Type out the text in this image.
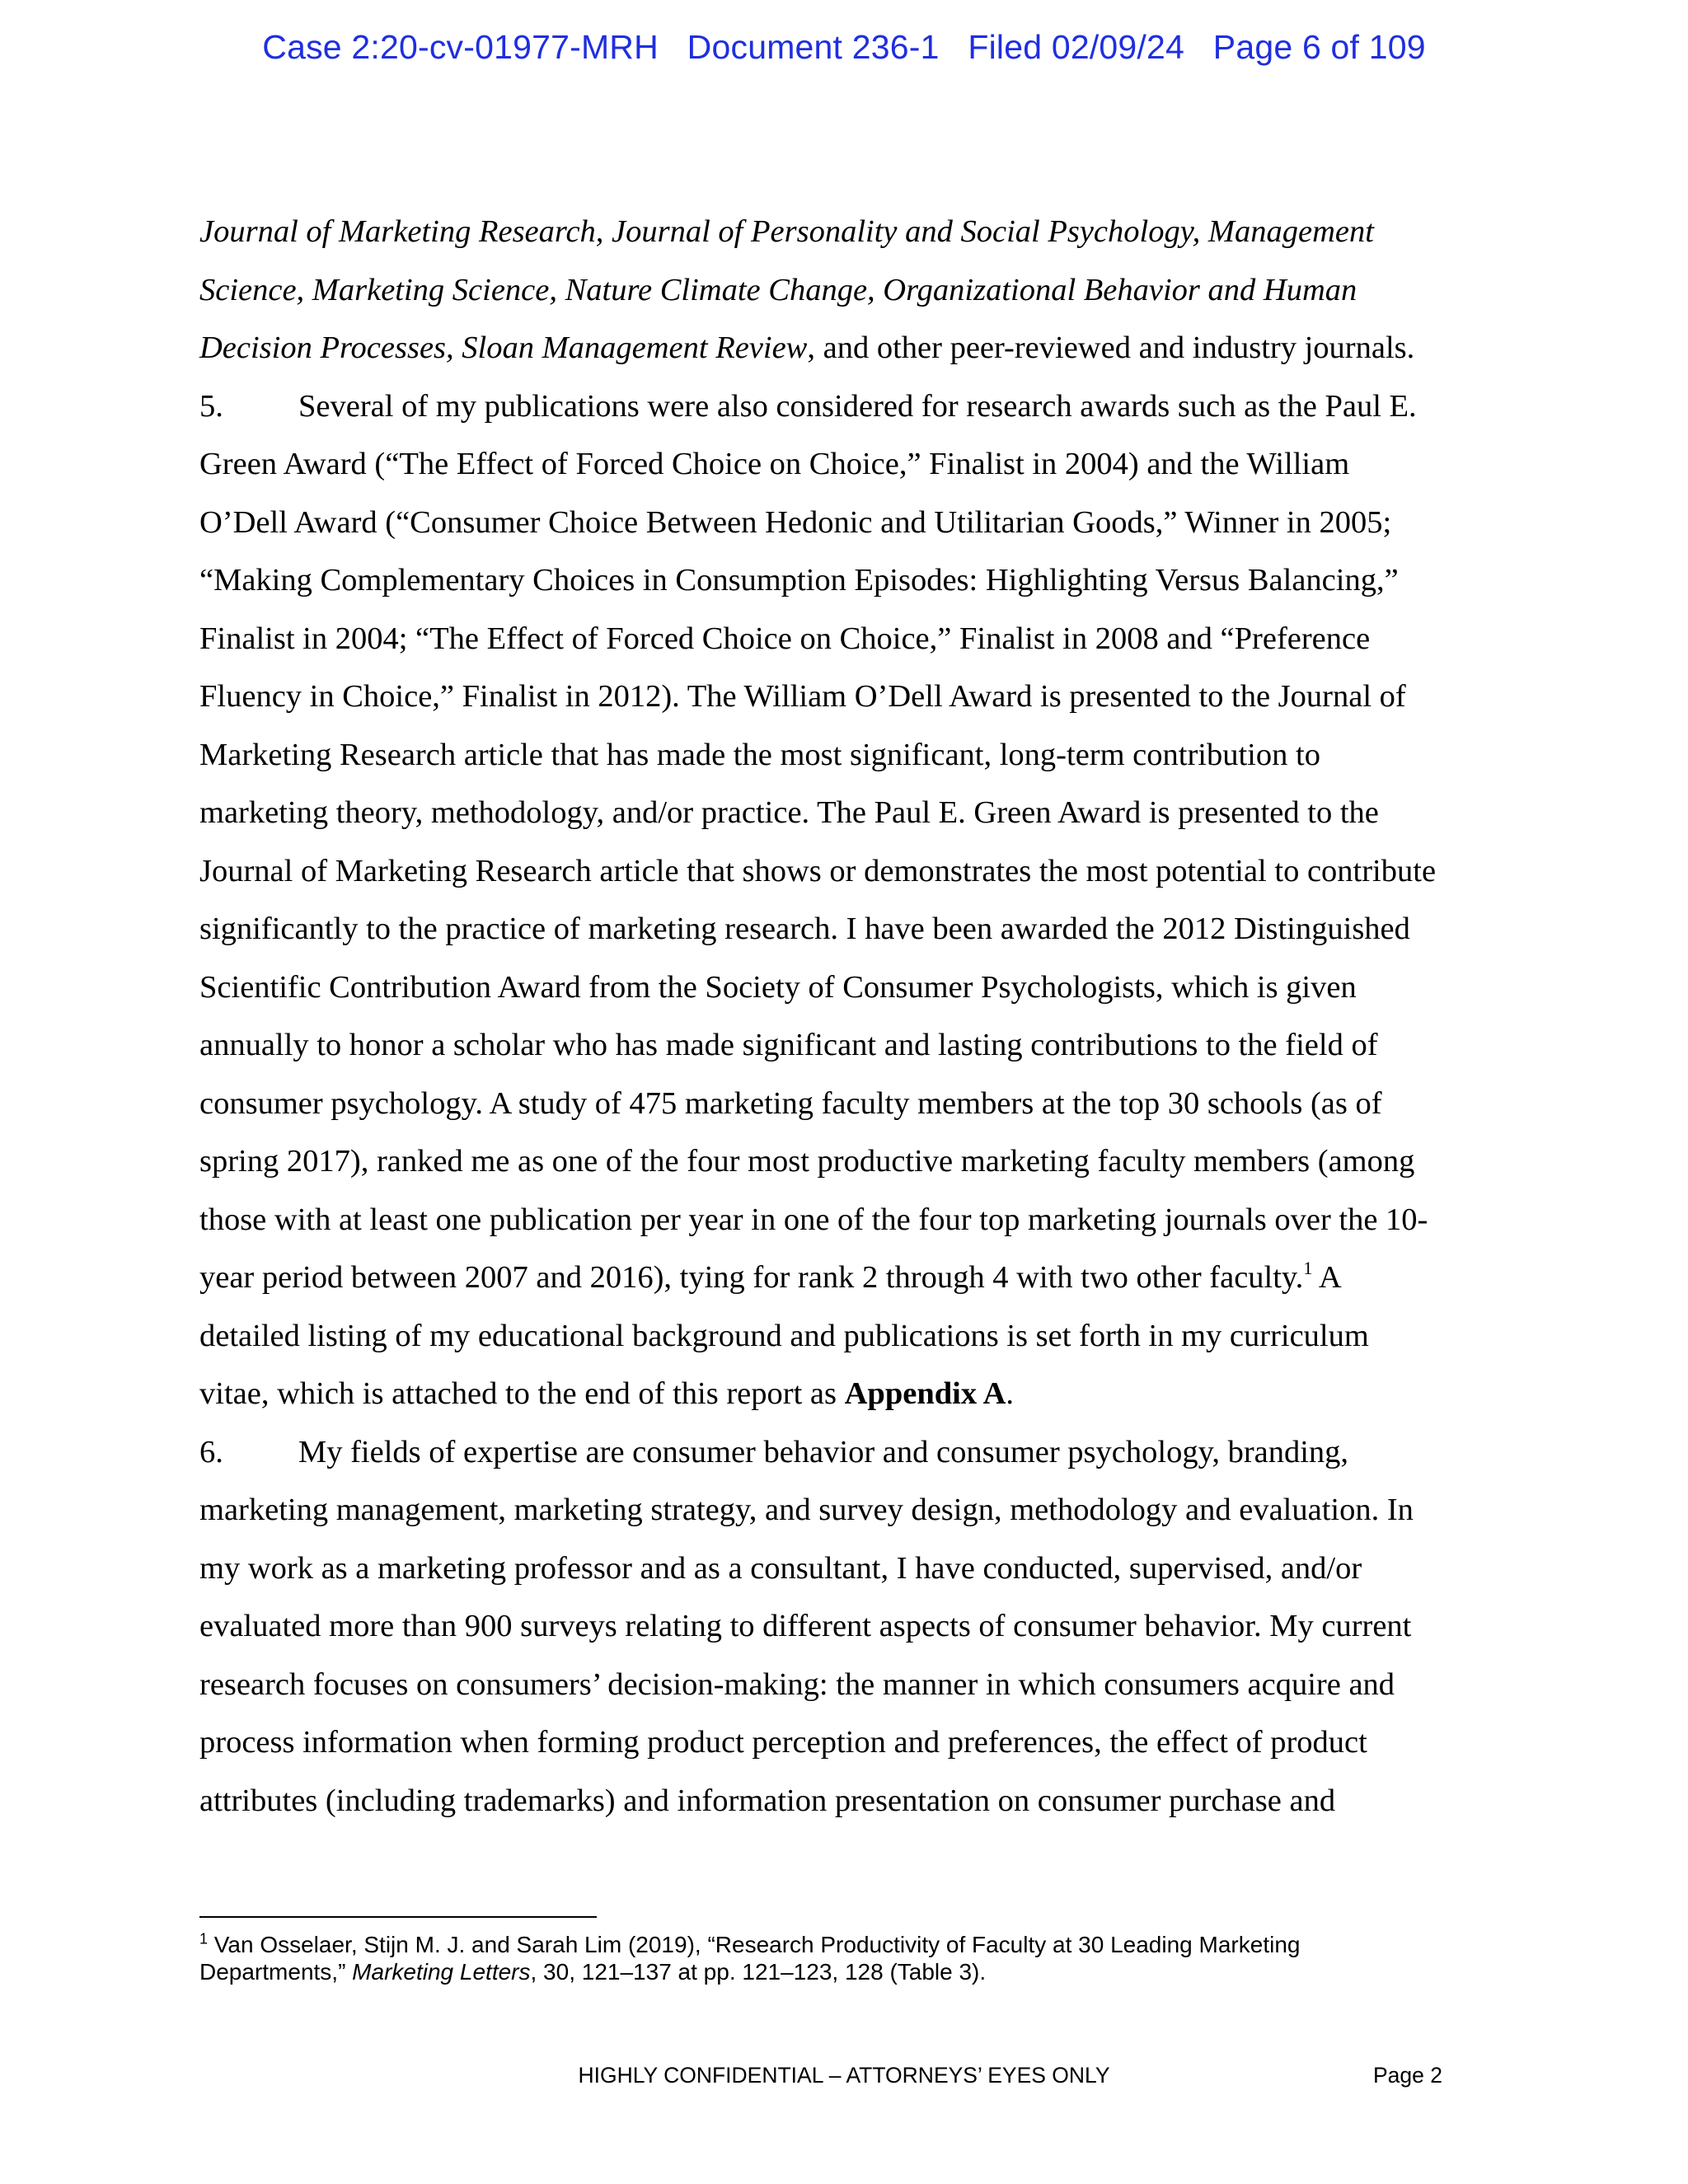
Case 2:20-cv-01977-MRH   Document 236-1   Filed 02/09/24   Page 6 of 109
Journal of Marketing Research, Journal of Personality and Social Psychology, Management
Science, Marketing Science, Nature Climate Change, Organizational Behavior and Human
Decision Processes, Sloan Management Review, and other peer-reviewed and industry journals.
5. Several of my publications were also considered for research awards such as the Paul E.
Green Award (“The Effect of Forced Choice on Choice,” Finalist in 2004) and the William
O’Dell Award (“Consumer Choice Between Hedonic and Utilitarian Goods,” Winner in 2005;
“Making Complementary Choices in Consumption Episodes: Highlighting Versus Balancing,”
Finalist in 2004; “The Effect of Forced Choice on Choice,” Finalist in 2008 and “Preference
Fluency in Choice,” Finalist in 2012). The William O’Dell Award is presented to the Journal of
Marketing Research article that has made the most significant, long-term contribution to
marketing theory, methodology, and/or practice. The Paul E. Green Award is presented to the
Journal of Marketing Research article that shows or demonstrates the most potential to contribute
significantly to the practice of marketing research. I have been awarded the 2012 Distinguished
Scientific Contribution Award from the Society of Consumer Psychologists, which is given
annually to honor a scholar who has made significant and lasting contributions to the field of
consumer psychology. A study of 475 marketing faculty members at the top 30 schools (as of
spring 2017), ranked me as one of the four most productive marketing faculty members (among
those with at least one publication per year in one of the four top marketing journals over the 10-
year period between 2007 and 2016), tying for rank 2 through 4 with two other faculty.$^1$ A
detailed listing of my educational background and publications is set forth in my curriculum
vitae, which is attached to the end of this report as Appendix A.
6. My fields of expertise are consumer behavior and consumer psychology, branding,
marketing management, marketing strategy, and survey design, methodology and evaluation. In
my work as a marketing professor and as a consultant, I have conducted, supervised, and/or
evaluated more than 900 surveys relating to different aspects of consumer behavior. My current
research focuses on consumers’ decision-making: the manner in which consumers acquire and
process information when forming product perception and preferences, the effect of product
attributes (including trademarks) and information presentation on consumer purchase and
$^1$ Van Osselaer, Stijn M. J. and Sarah Lim (2019), “Research Productivity of Faculty at 30 Leading Marketing
Departments,” Marketing Letters, 30, 121–137 at pp. 121–123, 128 (Table 3).
HIGHLY CONFIDENTIAL – ATTORNEYS’ EYES ONLY	Page 2
